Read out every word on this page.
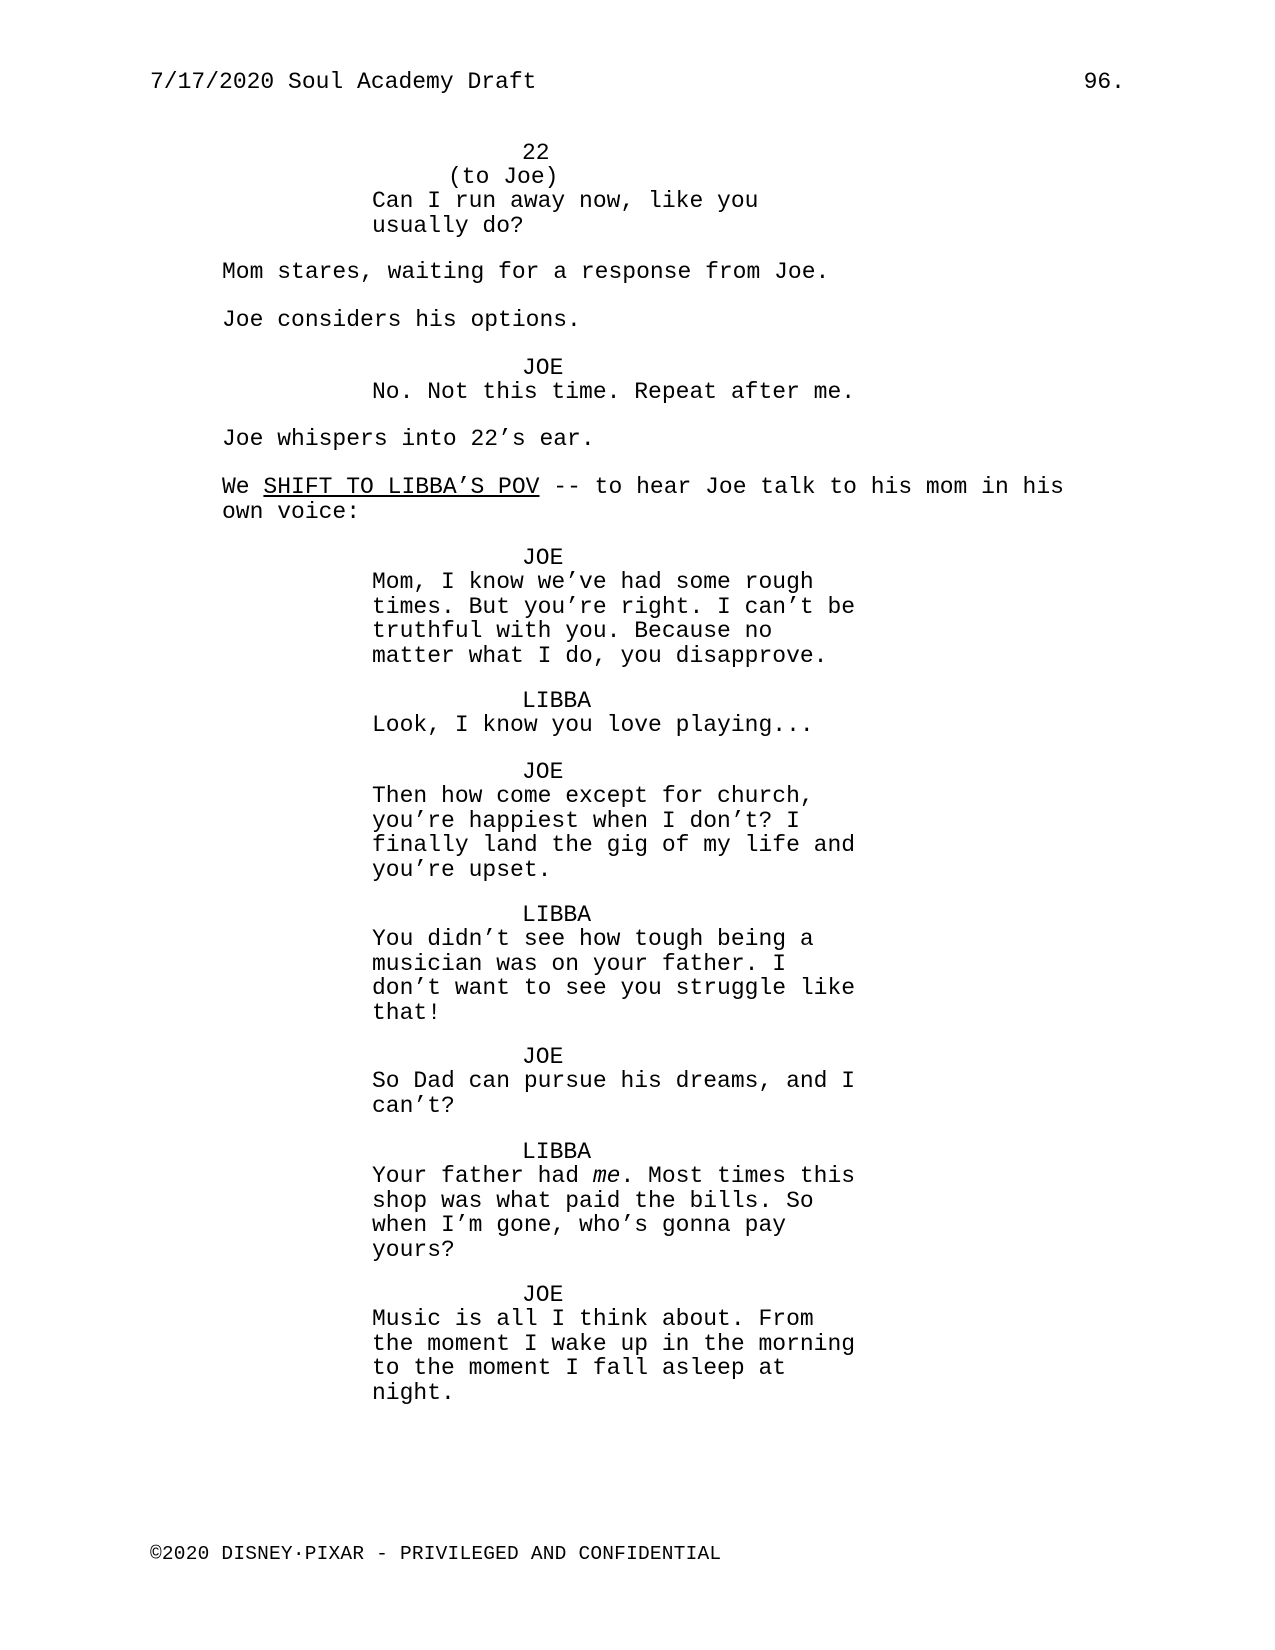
7/17/2020 Soul Academy Draft	96.
22
(to Joe)
Can I run away now, like you
usually do?
Mom stares, waiting for a response from Joe.
Joe considers his options.
JOE
No. Not this time. Repeat after me.
Joe whispers into 22’s ear.
We SHIFT TO LIBBA’S POV -- to hear Joe talk to his mom in his
own voice:
JOE
Mom, I know we’ve had some rough
times. But you’re right. I can’t be
truthful with you. Because no
matter what I do, you disapprove.
LIBBA
Look, I know you love playing...
JOE
Then how come except for church,
you’re happiest when I don’t? I
finally land the gig of my life and
you’re upset.
LIBBA
You didn’t see how tough being a
musician was on your father. I
don’t want to see you struggle like
that!
JOE
So Dad can pursue his dreams, and I
can’t?
LIBBA
Your father had me. Most times this
shop was what paid the bills. So
when I’m gone, who’s gonna pay
yours?
JOE
Music is all I think about. From
the moment I wake up in the morning
to the moment I fall asleep at
night.
©2020 DISNEY·PIXAR - PRIVILEGED AND CONFIDENTIAL
